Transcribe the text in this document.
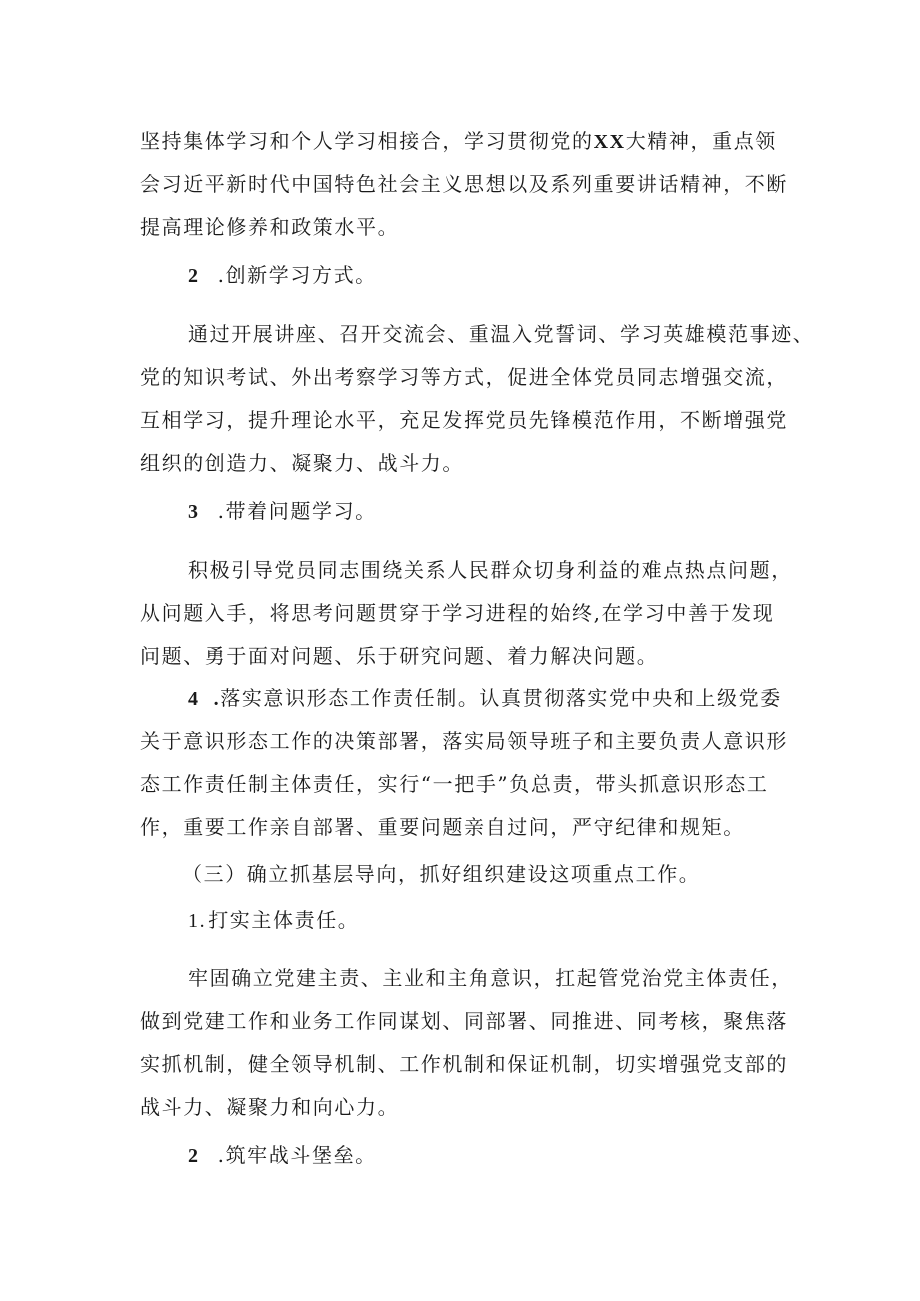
坚持集体学习和个人学习相接合，学习贯彻党的XX大精神，重点领
会习近平新时代中国特色社会主义思想以及系列重要讲话精神，不断
提高理论修养和政策水平。
2 .创新学习方式。
通过开展讲座、召开交流会、重温入党誓词、学习英雄模范事迹、
党的知识考试、外出考察学习等方式，促进全体党员同志增强交流，
互相学习，提升理论水平，充足发挥党员先锋模范作用，不断增强党
组织的创造力、凝聚力、战斗力。
3 .带着问题学习。
积极引导党员同志围绕关系人民群众切身利益的难点热点问题，
从问题入手，将思考问题贯穿于学习进程的始终,在学习中善于发现
问题、勇于面对问题、乐于研究问题、着力解决问题。
4 .落实意识形态工作责任制。认真贯彻落实党中央和上级党委
关于意识形态工作的决策部署，落实局领导班子和主要负责人意识形
态工作责任制主体责任，实行“一把手”负总责，带头抓意识形态工
作，重要工作亲自部署、重要问题亲自过问，严守纪律和规矩。
（三）确立抓基层导向，抓好组织建设这项重点工作。
1. 打实主体责任。
牢固确立党建主责、主业和主角意识，扛起管党治党主体责任，
做到党建工作和业务工作同谋划、同部署、同推进、同考核，聚焦落
实抓机制，健全领导机制、工作机制和保证机制，切实增强党支部的
战斗力、凝聚力和向心力。
2 .筑牢战斗堡垒。
